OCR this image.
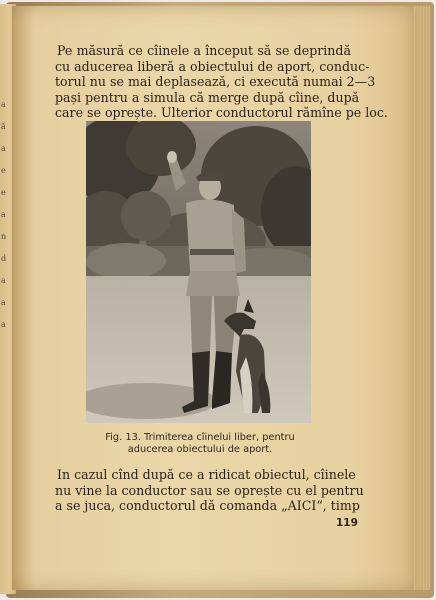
a
ă
a
e
e
a
n
d
a
a
a
Pe măsură ce cîinele a început să se deprindă
cu aducerea liberă a obiectului de aport, conduc-
torul nu se mai deplasează, ci execută numai 2—3
pași pentru a simula că merge după cîine, după
care se oprește. Ulterior conductorul rămîne pe loc.
Fig. 13. Trimiterea cîinelui liber, pentru
aducerea obiectului de aport.
In cazul cînd după ce a ridicat obiectul, cîinele
nu vine la conductor sau se oprește cu el pentru
a se juca, conductorul dă comanda „AICI“, timp
119
